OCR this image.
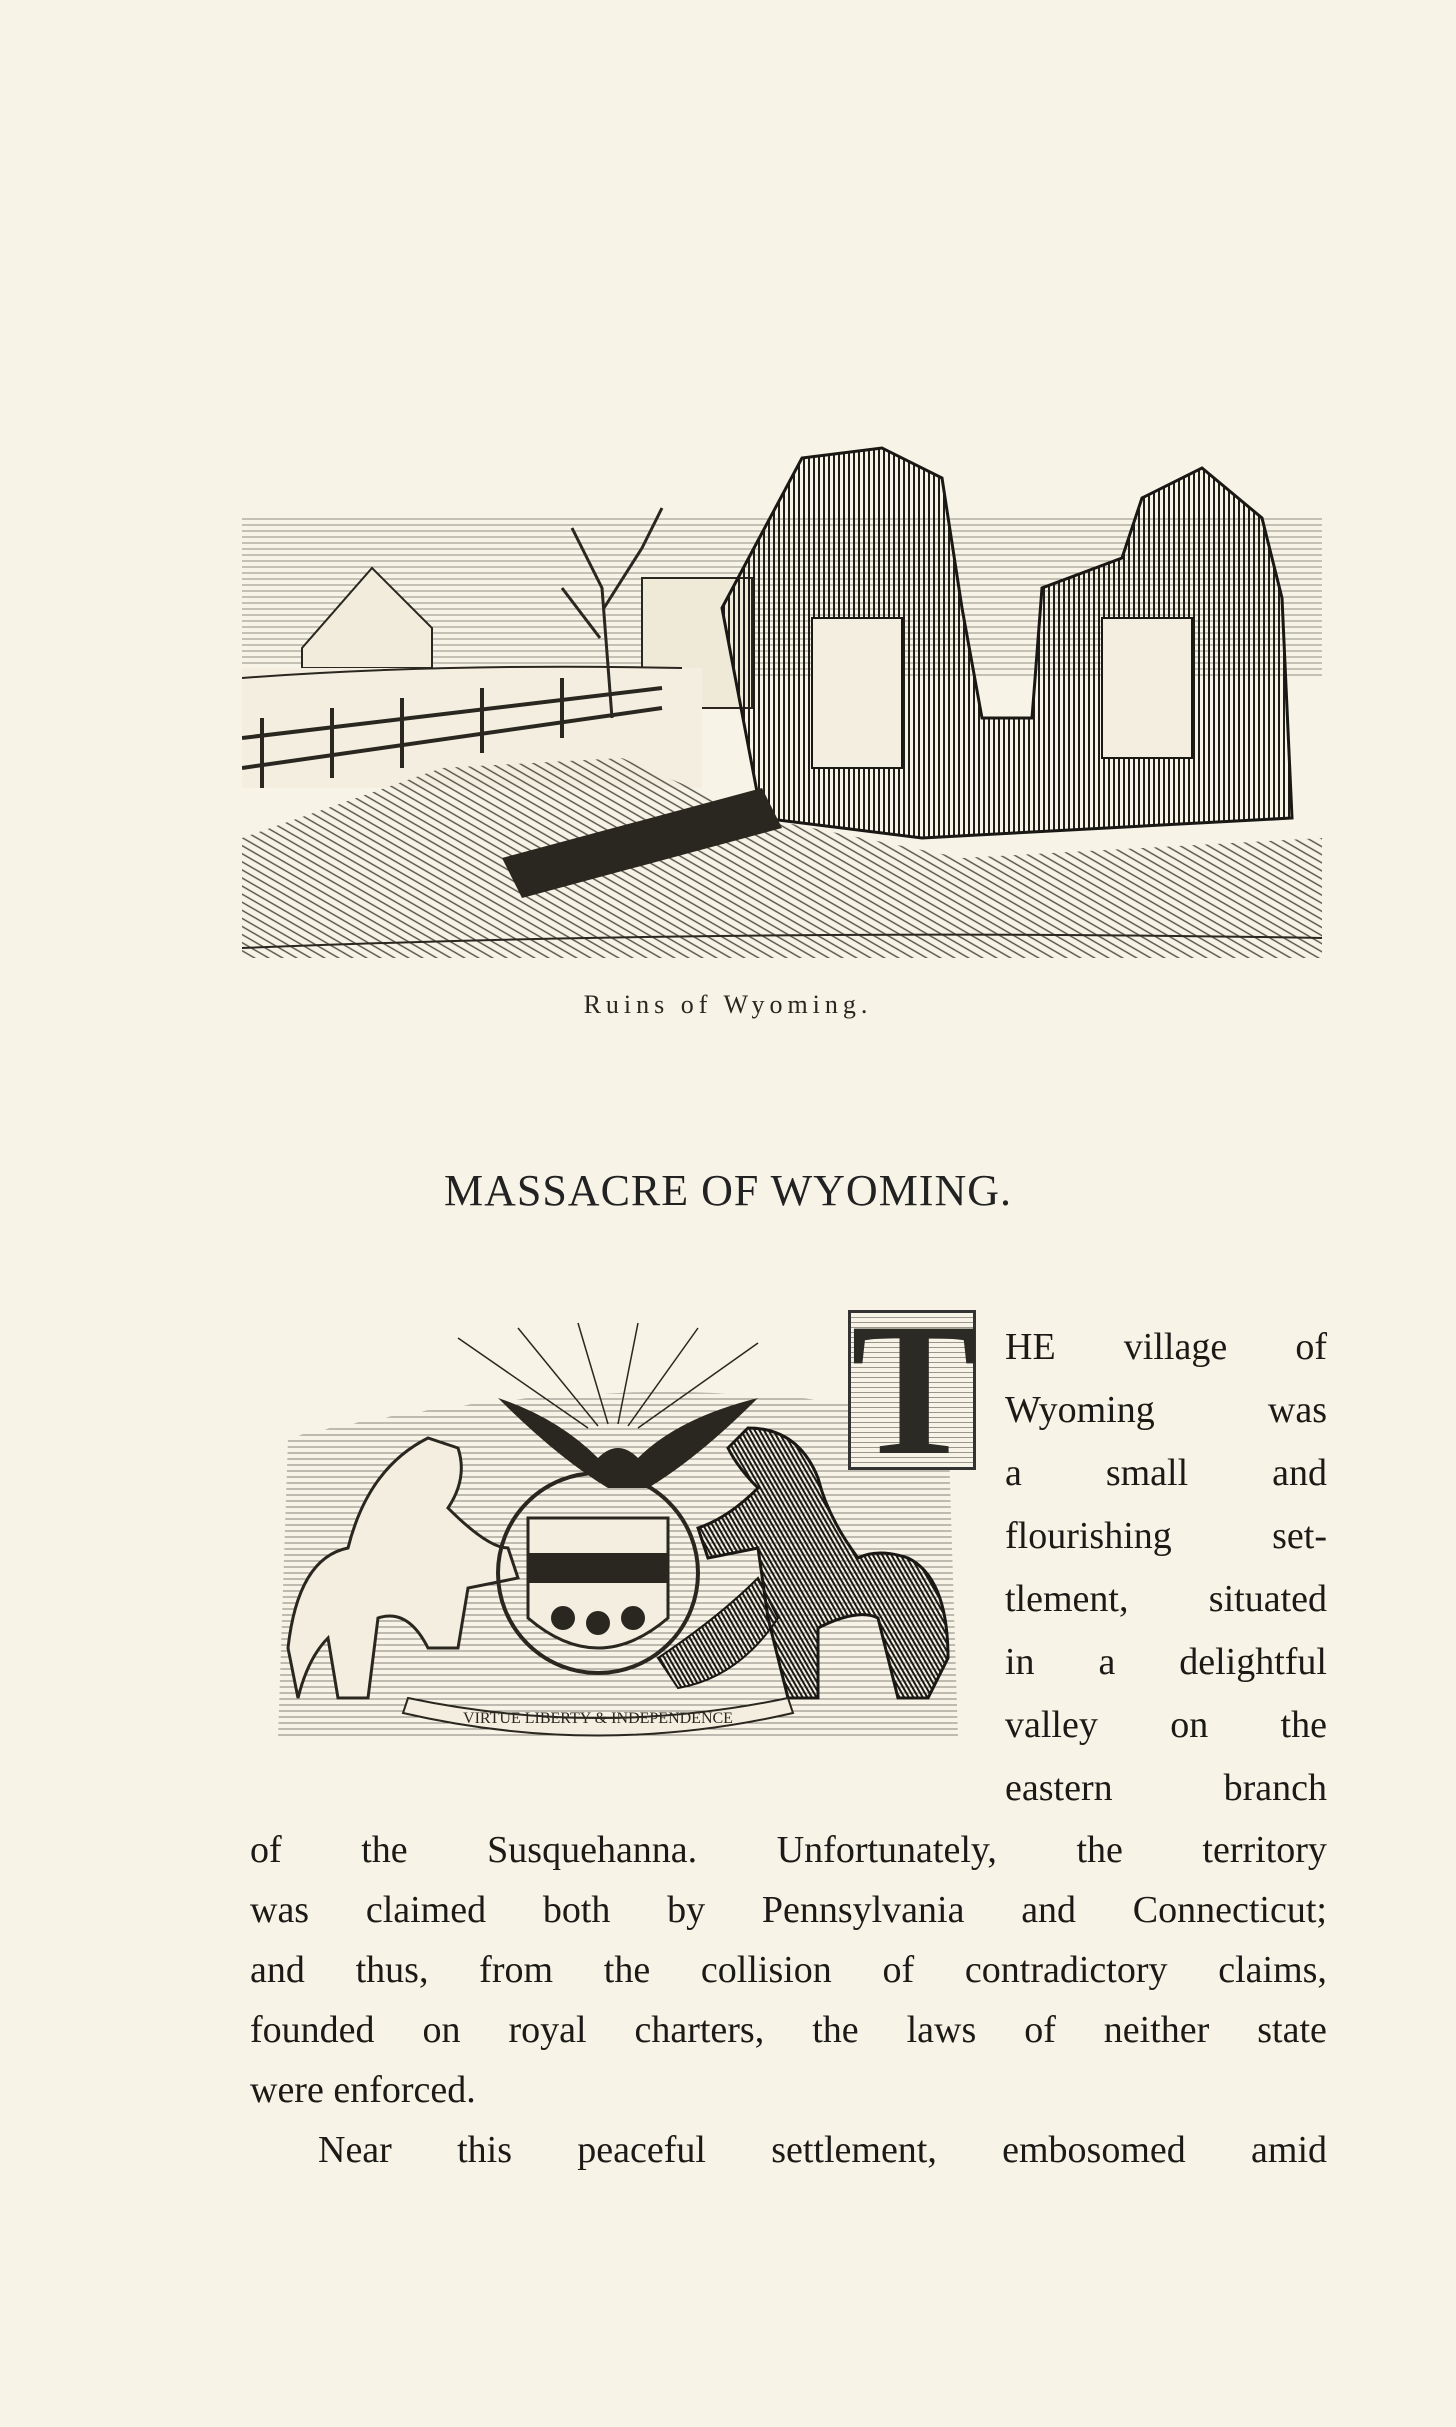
Ruins of Wyoming.
MASSACRE OF WYOMING.
VIRTUE LIBERTY & INDEPENDENCE
T HE village of
Wyoming	was
a small and
flourishing	set-
tlement, situated
in a delightful
valley on the
eastern	branch
of the Susquehanna. Unfortunately, the territory
was claimed both by Pennsylvania and Connecticut;
and thus, from the collision of contradictory claims,
founded on royal charters, the laws of neither state
were enforced.
Near this peaceful settlement, embosomed amid
